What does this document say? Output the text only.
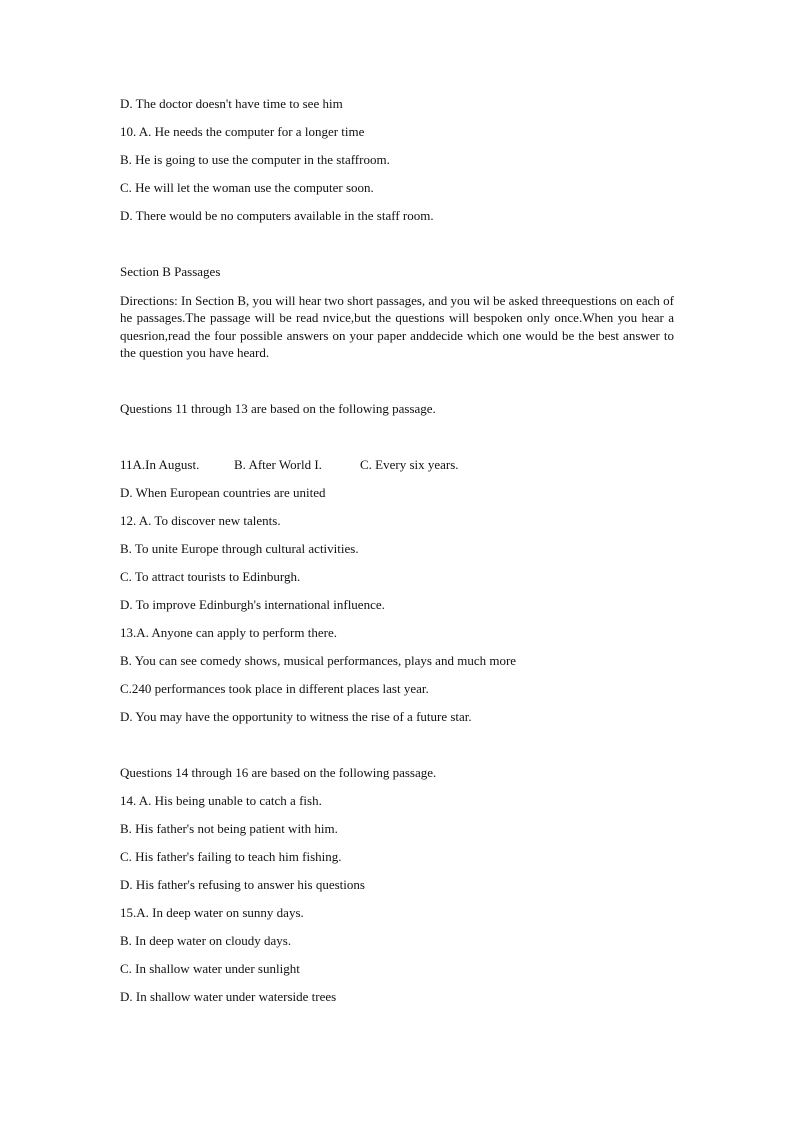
D. The doctor doesn't have time to see him
10. A. He needs the computer for a longer time
B. He is going to use the computer in the staffroom.
C. He will let the woman use the computer soon.
D. There would be no computers available in the staff room.
Section B Passages
Directions: In Section B, you will hear two short passages, and you wil be asked threequestions on each of he passages.The passage will be read nvice,but the questions will bespoken only once.When you hear a quesrion,read the four possible answers on your paper anddecide which one would be the best answer to the question you have heard.
Questions 11 through 13 are based on the following passage.
11A.In August.	B. After World I.	C. Every six years.
D. When European countries are united
12. A. To discover new talents.
B. To unite Europe through cultural activities.
C. To attract tourists to Edinburgh.
D. To improve Edinburgh's international influence.
13.A. Anyone can apply to perform there.
B. You can see comedy shows, musical performances, plays and much more
C.240 performances took place in different places last year.
D. You may have the opportunity to witness the rise of a future star.
Questions 14 through 16 are based on the following passage.
14. A. His being unable to catch a fish.
B. His father's not being patient with him.
C. His father's failing to teach him fishing.
D. His father's refusing to answer his questions
15.A. In deep water on sunny days.
B. In deep water on cloudy days.
C. In shallow water under sunlight
D. In shallow water under waterside trees
